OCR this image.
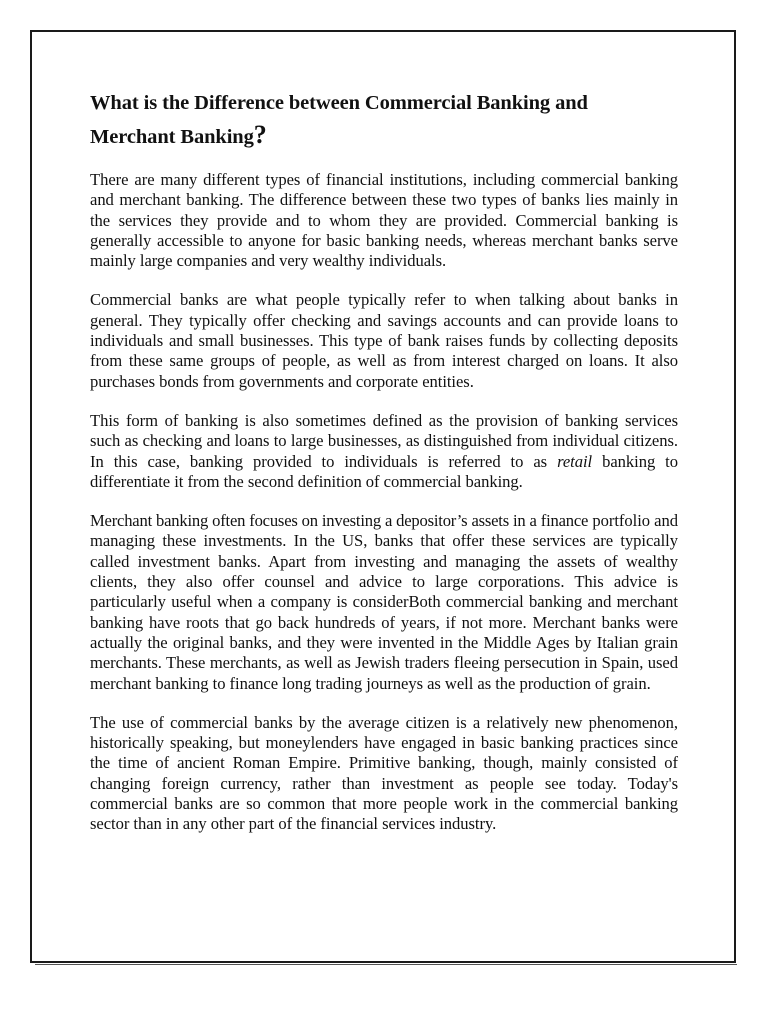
What is the Difference between Commercial Banking and Merchant Banking?

There are many different types of financial institutions, including commercial banking and merchant banking. The difference between these two types of banks lies mainly in the services they provide and to whom they are provided. Commercial banking is generally accessible to anyone for basic banking needs, whereas merchant banks serve mainly large companies and very wealthy individuals.

Commercial banks are what people typically refer to when talking about banks in general. They typically offer checking and savings accounts and can provide loans to individuals and small businesses. This type of bank raises funds by collecting deposits from these same groups of people, as well as from interest charged on loans. It also purchases bonds from governments and corporate entities.

This form of banking is also sometimes defined as the provision of banking services such as checking and loans to large businesses, as distinguished from individual citizens. In this case, banking provided to individuals is referred to as retail banking to differentiate it from the second definition of commercial banking.

Merchant banking often focuses on investing a depositor’s assets in a finance portfolio and managing these investments. In the US, banks that offer these services are typically called investment banks. Apart from investing and managing the assets of wealthy clients, they also offer counsel and advice to large corporations. This advice is particularly useful when a company is considerBoth commercial banking and merchant banking have roots that go back hundreds of years, if not more. Merchant banks were actually the original banks, and they were invented in the Middle Ages by Italian grain merchants. These merchants, as well as Jewish traders fleeing persecution in Spain, used merchant banking to finance long trading journeys as well as the production of grain.

The use of commercial banks by the average citizen is a relatively new phenomenon, historically speaking, but moneylenders have engaged in basic banking practices since the time of ancient Roman Empire. Primitive banking, though, mainly consisted of changing foreign currency, rather than investment as people see today. Today's commercial banks are so common that more people work in the commercial banking sector than in any other part of the financial services industry.
